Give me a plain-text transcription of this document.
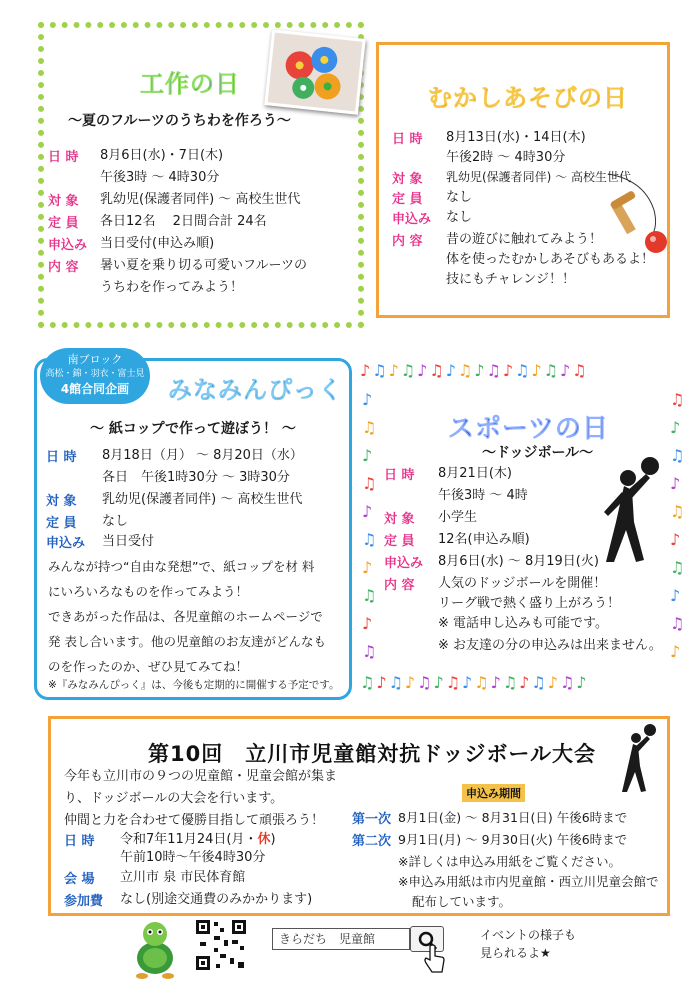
工作の日
～夏のフルーツのうちわを作ろう～
日 時	8月6日(水)・7日(木)
午後3時 ～ 4時30分
対 象	乳幼児(保護者同伴) ～ 高校生世代
定 員	各日12名　 2日間合計 24名
申込み 当日受付(申込み順)
内 容	暑い夏を乗り切る可愛いフルーツの
うちわを作ってみよう！
むかしあそびの日
日 時	8月13日(水)・14日(木)
午後2時 ～ 4時30分
対 象	乳幼児(保護者同伴) ～ 高校生世代
定 員	なし
申込み	なし
内 容	昔の遊びに触れてみよう！
体を使ったむかしあそびもあるよ！
技にもチャレンジ！！
南ブロック
高松・錦・羽衣・富士見
4館合同企画	みなみんぴっく
～ 紙コップで作って遊ぼう！ ～
日 時	8月18日（月） ～ 8月20日（水）
各日　午後1時30分 ～ 3時30分
対 象	乳幼児(保護者同伴) ～ 高校生世代
定 員	なし
申込み	当日受付
みんなが持つ“自由な発想”で、紙コップを材 料
にいろいろなものを作ってみよう！
できあがった作品は、各児童館のホームページで
発 表し合います。他の児童館のお友達がどんなも
のを作ったのか、ぜひ見てみてね！
※『みなみんぴっく』は、今後も定期的に開催する予定です。
♪♫♪♫♪♫♪♫♪♫♪♫♪♫♪♫
♫♪♫♪♫♪♫♪♫♪♫♪♫♪♫♪
♪
♫
♪
♫
♪
♫
♪
♫
♪
♫
♫
♪
♫
♪
♫
♪
♫
♪
♫
♪
スポーツの日
～ドッジボール～
日 時	8月21日(木)
午後3時 ～ 4時
対 象	小学生
定 員	12名(申込み順)
申込み	8月6日(水) ～ 8月19日(火)
内 容	人気のドッジボールを開催！
リーグ戦で熱く盛り上がろう！
※ 電話申し込みも可能です。
※ お友達の分の申込みは出来ません。
第10回　立川市児童館対抗ドッジボール大会
今年も立川市の９つの児童館・児童会館が集ま
り、ドッジボールの大会を行います。
仲間と力を合わせて優勝目指して頑張ろう！
日 時	令和7年11月24日(月・休)
午前10時～午後4時30分
会 場	立川市 泉 市民体育館
参加費	なし(別途交通費のみかかります)
申込み期間
第一次 8月1日(金) ～ 8月31日(日) 午後6時まで
第二次 9月1日(月) ～ 9月30日(火) 午後6時まで
※詳しくは申込み用紙をご覧ください。
※申込み用紙は市内児童館・西立川児童会館で
配布しています。
きらだち　児童館	イベントの様子も
見られるよ★
